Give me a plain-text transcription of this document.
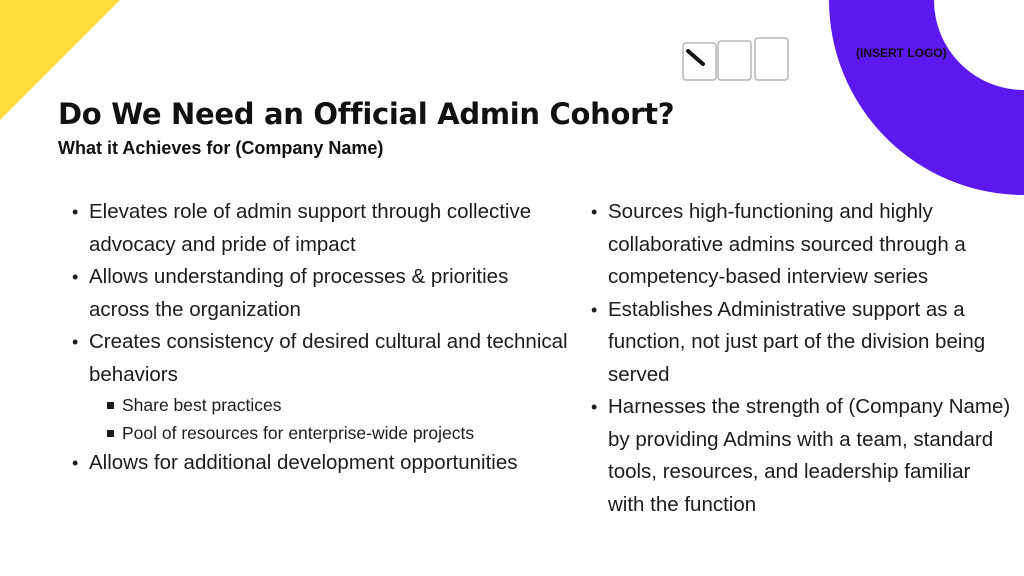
(INSERT LOGO)
Do We Need an Official Admin Cohort?

What it Achieves for (Company Name)

• Elevates role of admin support through collective advocacy and pride of impact
• Allows understanding of processes & priorities across the organization
• Creates consistency of desired cultural and technical behaviors
Share best practices
Pool of resources for enterprise-wide projects
• Allows for additional development opportunities
• Sources high-functioning and highly collaborative admins sourced through a competency-based interview series
• Establishes Administrative support as a function, not just part of the division being served
• Harnesses the strength of (Company Name) by providing Admins with a team, standard tools, resources, and leadership familiar with the function
